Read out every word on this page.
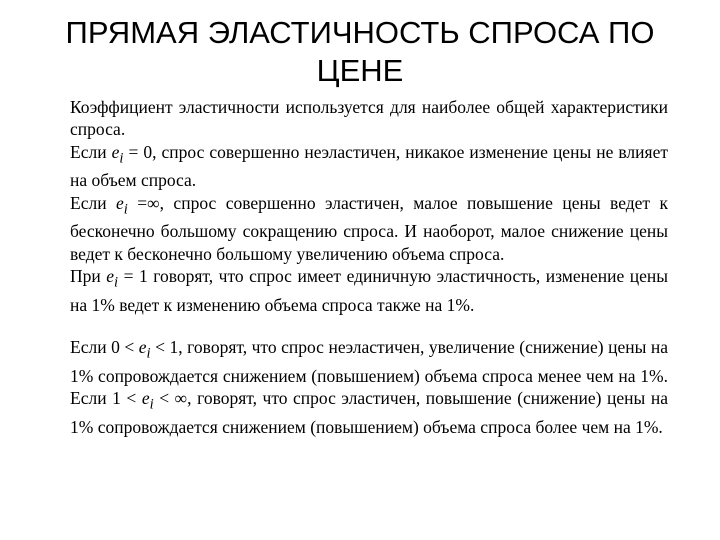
ПРЯМАЯ ЭЛАСТИЧНОСТЬ СПРОСА ПО ЦЕНЕ

Коэффициент эластичности используется для наиболее общей характеристики спроса.

Если $e_i = 0$, спрос совершенно неэластичен, никакое изменение цены не влияет на объем спроса.

Если $e_i$ =∞, спрос совершенно эластичен, малое повышение цены ведет к бесконечно большому сокращению спроса. И наоборот, малое снижение цены ведет к бесконечно большому увеличению объема спроса.

При $e_i = 1$ говорят, что спрос имеет единичную эластичность, изменение цены на 1% ведет к изменению объема спроса также на 1%.

Если $0 < e_i < 1$, говорят, что спрос неэластичен, увеличение (снижение) цены на 1% сопровождается снижением (повышением) объема спроса менее чем на 1%.

Если $1 < e_i$ < ∞, говорят, что спрос эластичен, повышение (снижение) цены на 1% сопровождается снижением (повышением) объема спроса более чем на 1%.
